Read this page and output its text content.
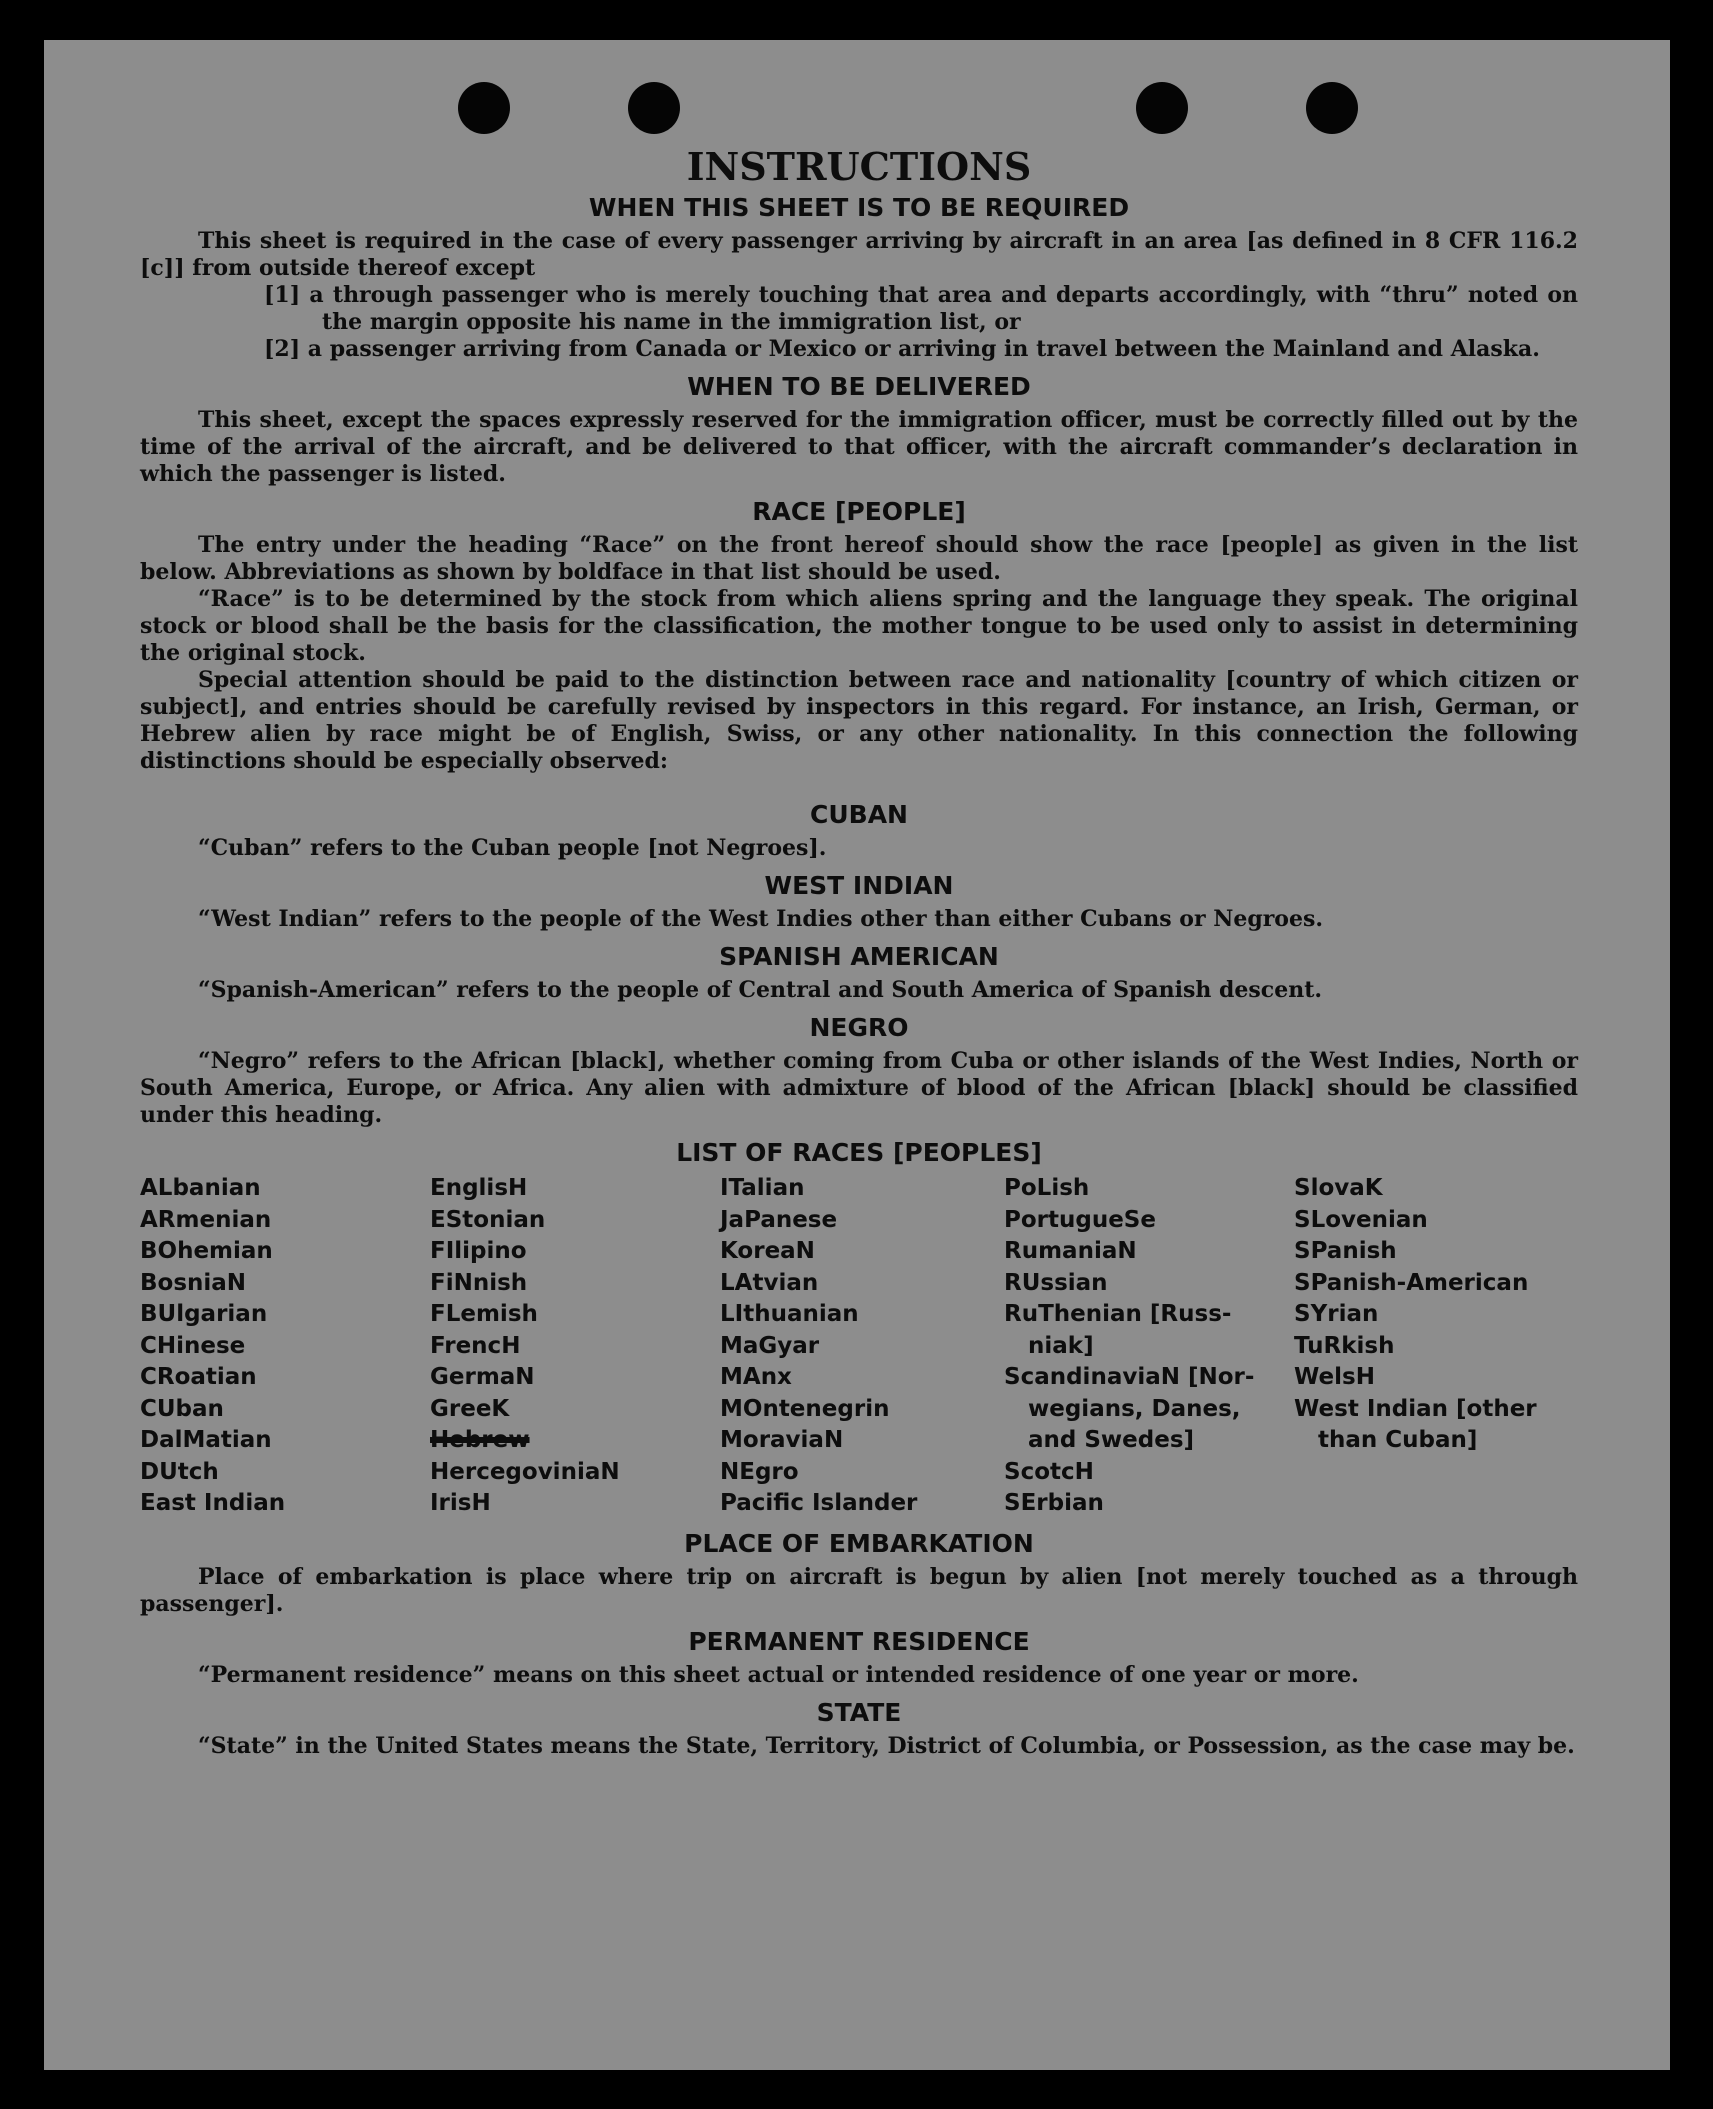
INSTRUCTIONS
WHEN THIS SHEET IS TO BE REQUIRED

This sheet is required in the case of every passenger arriving by aircraft in an area [as defined in 8 CFR 116.2 [c]] from outside thereof except

[1] a through passenger who is merely touching that area and departs accordingly, with “thru” noted on the margin opposite his name in the immigration list, or

[2] a passenger arriving from Canada or Mexico or arriving in travel between the Mainland and Alaska.

WHEN TO BE DELIVERED

This sheet, except the spaces expressly reserved for the immigration officer, must be correctly filled out by the time of the arrival of the aircraft, and be delivered to that officer, with the aircraft commander’s declaration in which the passenger is listed.

RACE [PEOPLE]

The entry under the heading “Race” on the front hereof should show the race [people] as given in the list below. Abbreviations as shown by boldface in that list should be used.

“Race” is to be determined by the stock from which aliens spring and the language they speak. The original stock or blood shall be the basis for the classification, the mother tongue to be used only to assist in determining the original stock.

Special attention should be paid to the distinction between race and nationality [country of which citizen or subject], and entries should be carefully revised by inspectors in this regard. For instance, an Irish, German, or Hebrew alien by race might be of English, Swiss, or any other nationality. In this connection the following distinctions should be especially observed:

CUBAN

“Cuban” refers to the Cuban people [not Negroes].

WEST INDIAN

“West Indian” refers to the people of the West Indies other than either Cubans or Negroes.

SPANISH AMERICAN

“Spanish-American” refers to the people of Central and South America of Spanish descent.

NEGRO

“Negro” refers to the African [black], whether coming from Cuba or other islands of the West Indies, North or South America, Europe, or Africa. Any alien with admixture of blood of the African [black] should be classified under this heading.

LIST OF RACES [PEOPLES]
ALbanian
ARmenian
BOhemian
BosniaN
BUlgarian
CHinese
CRoatian
CUban
DalMatian
DUtch
East Indian
EnglisH
EStonian
FIlipino
FiNnish
FLemish
FrencH
GermaN
GreeK
Hebrew
HercegoviniaN
IrisH
ITalian
JaPanese
KoreaN
LAtvian
LIthuanian
MaGyar
MAnx
MOntenegrin
MoraviaN
NEgro
Pacific Islander
PoLish
PortugueSe
RumaniaN
RUssian
RuThenian [Russ-
niak]
ScandinaviaN [Nor-
wegians, Danes,
and Swedes]
ScotcH
SErbian
SlovaK
SLovenian
SPanish
SPanish-American
SYrian
TuRkish
WelsH
West Indian [other
than Cuban]
PLACE OF EMBARKATION

Place of embarkation is place where trip on aircraft is begun by alien [not merely touched as a through passenger].

PERMANENT RESIDENCE

“Permanent residence” means on this sheet actual or intended residence of one year or more.

STATE

“State” in the United States means the State, Territory, District of Columbia, or Possession, as the case may be.
